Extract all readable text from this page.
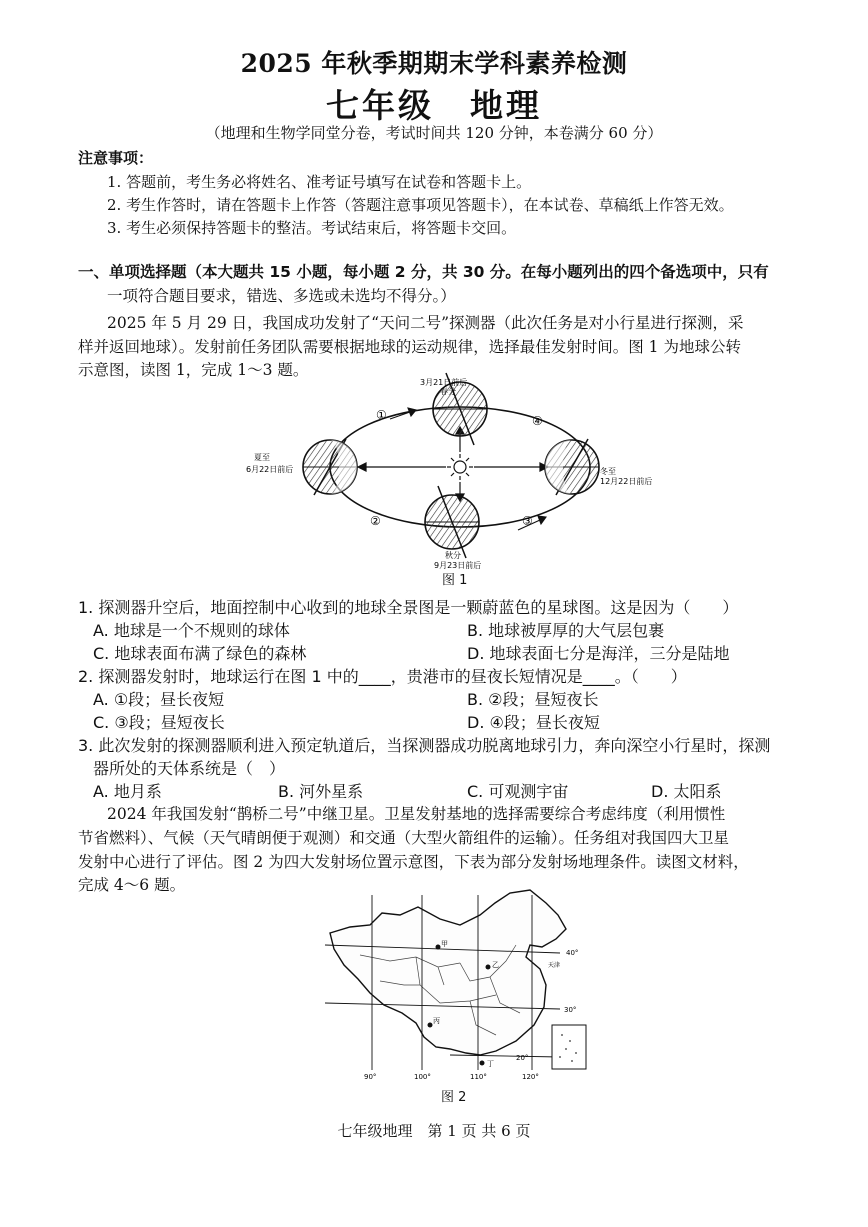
2025 年秋季期期末学科素养检测
七年级　地理
（地理和生物学同堂分卷，考试时间共 120 分钟，本卷满分 60 分）
注意事项：
1. 答题前，考生务必将姓名、准考证号填写在试卷和答题卡上。
2. 考生作答时，请在答题卡上作答（答题注意事项见答题卡），在本试卷、草稿纸上作答无效。
3. 考生必须保持答题卡的整洁。考试结束后，将答题卡交回。
一、单项选择题（本大题共 15 小题，每小题 2 分，共 30 分。在每小题列出的四个备选项中，只有
一项符合题目要求，错选、多选或未选均不得分。）
2025 年 5 月 29 日，我国成功发射了“天问二号”探测器（此次任务是对小行星进行探测，采
样并返回地球）。发射前任务团队需要根据地球的运动规律，选择最佳发射时间。图 1 为地球公转
示意图，读图 1，完成 1～3 题。
①
②	③
④
3月21日前后
春分
夏至
6月22日前后	冬至
12月22日前后
秋分
9月23日前后
图 1
1. 探测器升空后，地面控制中心收到的地球全景图是一颗蔚蓝色的星球图。这是因为（　　）
A. 地球是一个不规则的球体	B. 地球被厚厚的大气层包裹
C. 地球表面布满了绿色的森林	D. 地球表面七分是海洋，三分是陆地
2. 探测器发射时，地球运行在图 1 中的____，贵港市的昼夜长短情况是____。（　　）
A. ①段；昼长夜短	B. ②段；昼短夜长
C. ③段；昼短夜长	D. ④段；昼长夜短
3. 此次发射的探测器顺利进入预定轨道后，当探测器成功脱离地球引力，奔向深空小行星时，探测
器所处的天体系统是（　）
A. 地月系	B. 河外星系	C. 可观测宇宙	D. 太阳系
2024 年我国发射“鹊桥二号”中继卫星。卫星发射基地的选择需要综合考虑纬度（利用惯性
节省燃料）、气候（天气晴朗便于观测）和交通（大型火箭组件的运输）。任务组对我国四大卫星
发射中心进行了评估。图 2 为四大发射场位置示意图，下表为部分发射场地理条件。读图文材料，
完成 4～6 题。
甲
乙
丙
丁
天津
40°
30°
20°
90°	100°	110°	120°
图 2
七年级地理　第 1 页 共 6 页
